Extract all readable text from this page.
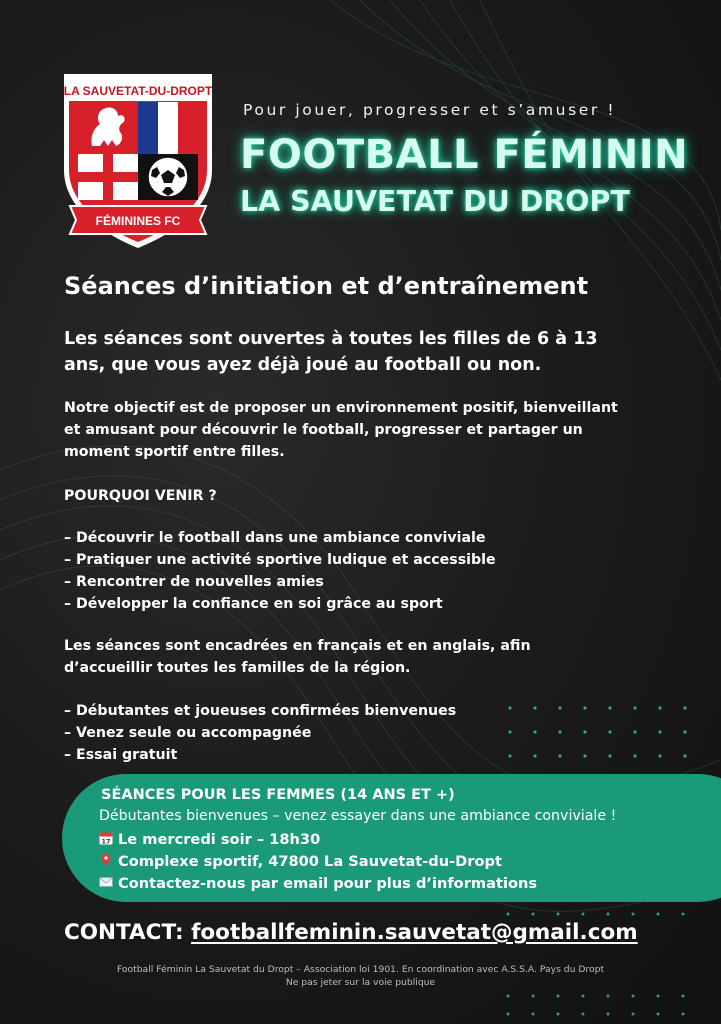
LA SAUVETAT-DU-DROPT
FÉMININES FC
Pour jouer, progresser et s’amuser !
FOOTBALL FÉMININ
LA SAUVETAT DU DROPT
Séances d’initiation et d’entraînement
Les séances sont ouvertes à toutes les filles de 6 à 13
ans, que vous ayez déjà joué au football ou non.
Notre objectif est de proposer un environnement positif, bienveillant
et amusant pour découvrir le football, progresser et partager un
moment sportif entre filles.
POURQUOI VENIR ?
– Découvrir le football dans une ambiance conviviale
– Pratiquer une activité sportive ludique et accessible
– Rencontrer de nouvelles amies
– Développer la confiance en soi grâce au sport
Les séances sont encadrées en français et en anglais, afin
d’accueillir toutes les familles de la région.
– Débutantes et joueuses confirmées bienvenues
– Venez seule ou accompagnée
– Essai gratuit
SÉANCES POUR LES FEMMES (14 ANS ET +)
Débutantes bienvenues – venez essayer dans une ambiance conviviale !
17 Le mercredi soir – 18h30
Complexe sportif, 47800 La Sauvetat-du-Dropt
Contactez-nous par email pour plus d’informations
CONTACT: footballfeminin.sauvetat@gmail.com
Football Féminin La Sauvetat du Dropt – Association loi 1901. En coordination avec A.S.S.A. Pays du Dropt
Ne pas jeter sur la voie publique
